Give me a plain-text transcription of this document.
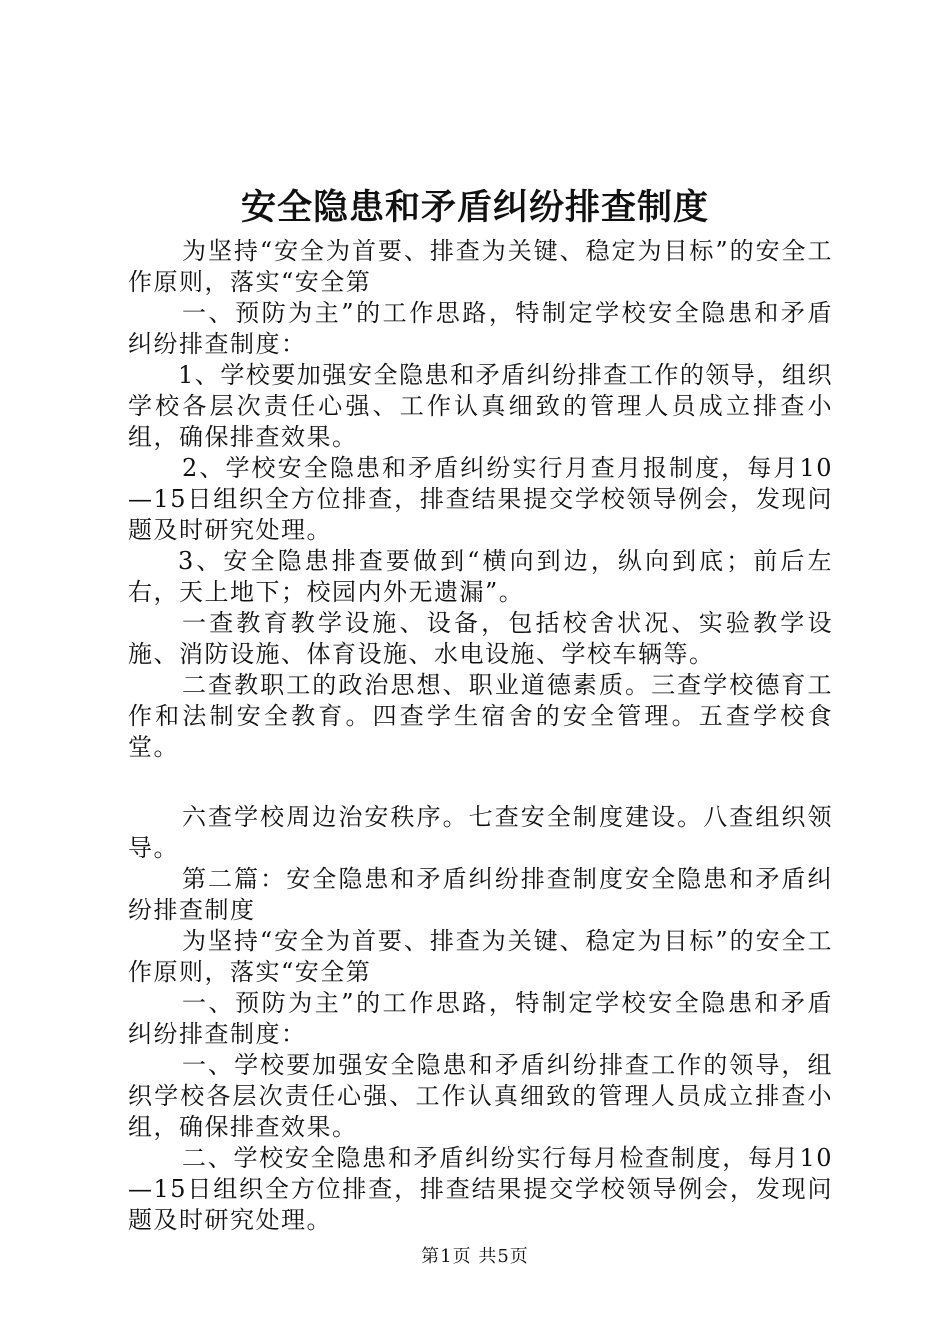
安全隐患和矛盾纠纷排查制度

为坚持“安全为首要、排查为关键、稳定为目标”的安全工作原则，落实“安全第

一、预防为主”的工作思路，特制定学校安全隐患和矛盾纠纷排查制度：

1、学校要加强安全隐患和矛盾纠纷排查工作的领导，组织学校各层次责任心强、工作认真细致的管理人员成立排查小组，确保排查效果。

2、学校安全隐患和矛盾纠纷实行月查月报制度，每月10—15日组织全方位排查，排查结果提交学校领导例会，发现问题及时研究处理。

3、安全隐患排查要做到“横向到边，纵向到底；前后左右，天上地下；校园内外无遗漏”。

一查教育教学设施、设备，包括校舍状况、实验教学设施、消防设施、体育设施、水电设施、学校车辆等。

二查教职工的政治思想、职业道德素质。三查学校德育工作和法制安全教育。四查学生宿舍的安全管理。五查学校食堂。

六查学校周边治安秩序。七查安全制度建设。八查组织领导。

第二篇：安全隐患和矛盾纠纷排查制度安全隐患和矛盾纠纷排查制度

为坚持“安全为首要、排查为关键、稳定为目标”的安全工作原则，落实“安全第

一、预防为主”的工作思路，特制定学校安全隐患和矛盾纠纷排查制度：

一、学校要加强安全隐患和矛盾纠纷排查工作的领导，组织学校各层次责任心强、工作认真细致的管理人员成立排查小组，确保排查效果。

二、学校安全隐患和矛盾纠纷实行每月检查制度，每月10—15日组织全方位排查，排查结果提交学校领导例会，发现问题及时研究处理。

第1页 共5页
